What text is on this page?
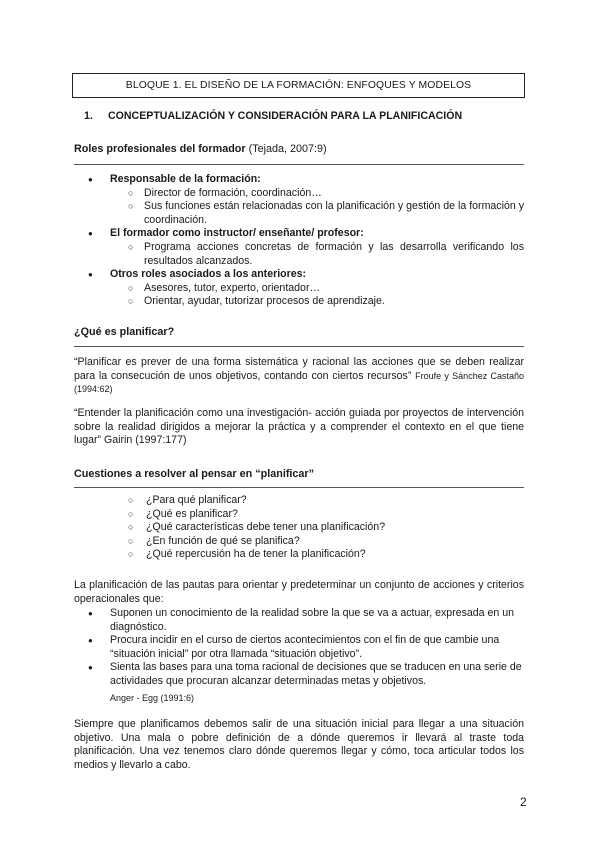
BLOQUE 1. EL DISEÑO DE LA FORMACIÓN: ENFOQUES Y MODELOS
1. CONCEPTUALIZACIÓN Y CONSIDERACIÓN PARA LA PLANIFICACIÓN
Roles profesionales del formador (Tejada, 2007:9)
● Responsable de la formación:
○ Director de formación, coordinación…
○ Sus funciones están relacionadas con la planificación y gestión de la formación y coordinación.
● El formador como instructor/ enseñante/ profesor:
○ Programa acciones concretas de formación y las desarrolla verificando los resultados alcanzados.
● Otros roles asociados a los anteriores:
○ Asesores, tutor, experto, orientador…
○ Orientar, ayudar, tutorizar procesos de aprendizaje.
¿Qué es planificar?
“Planificar es prever de una forma sistemática y racional las acciones que se deben realizar para la consecución de unos objetivos, contando con ciertos recursos” Froufe y Sánchez Castaño (1994:62)
“Entender la planificación como una investigación- acción guiada por proyectos de intervención sobre la realidad dirigidos a mejorar la práctica y a comprender el contexto en el que tiene lugar” Gairin (1997:177)
Cuestiones a resolver al pensar en “planificar”
○ ¿Para qué planificar?
○ ¿Qué es planificar?
○ ¿Qué características debe tener una planificación?
○ ¿En función de qué se planifica?
○ ¿Qué repercusión ha de tener la planificación?
La planificación de las pautas para orientar y predeterminar un conjunto de acciones y criterios operacionales que:
● Suponen un conocimiento de la realidad sobre la que se va a actuar, expresada en un diagnóstico.
● Procura incidir en el curso de ciertos acontecimientos con el fin de que cambie una “situación inicial” por otra llamada “situación objetivo”.
● Sienta las bases para una toma racional de decisiones que se traducen en una serie de actividades que procuran alcanzar determinadas metas y objetivos.
Anger - Egg (1991:6)
Siempre que planificamos debemos salir de una situación inicial para llegar a una situación objetivo. Una mala o pobre definición de a dónde queremos ir llevará al traste toda planificación. Una vez tenemos claro dónde queremos llegar y cómo, toca articular todos los medios y llevarlo a cabo.
2
